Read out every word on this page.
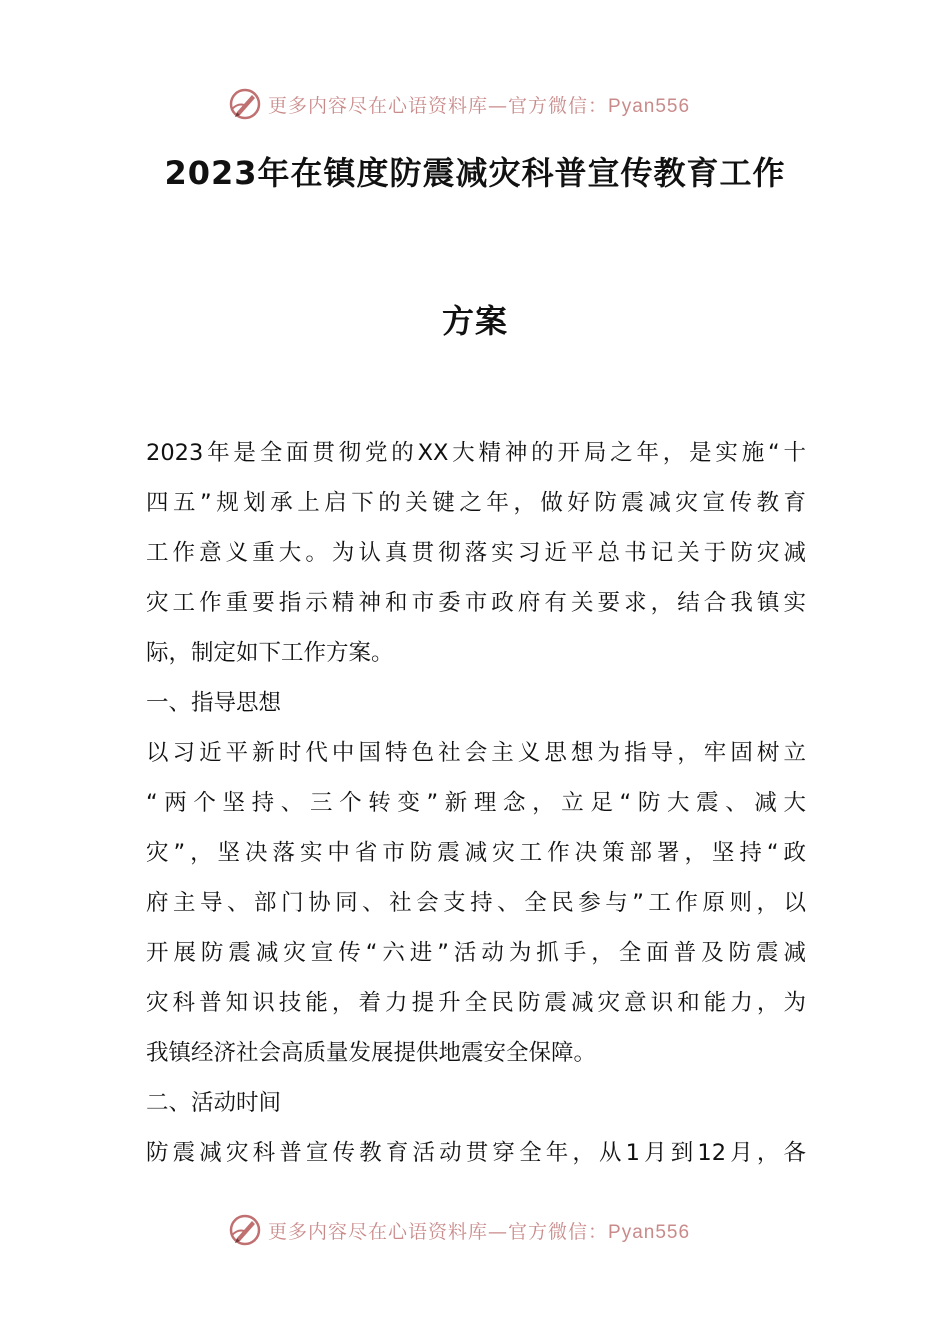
更多内容尽在心语资料库—官方微信：Pyan556
2023年在镇度防震减灾科普宣传教育工作
方案
2023年是全面贯彻党的XX大精神的开局之年，是实施“十
四五”规划承上启下的关键之年，做好防震减灾宣传教育
工作意义重大。为认真贯彻落实习近平总书记关于防灾减
灾工作重要指示精神和市委市政府有关要求，结合我镇实
际，制定如下工作方案。
一、指导思想
以习近平新时代中国特色社会主义思想为指导，牢固树立
“两个坚持、三个转变”新理念，立足“防大震、减大
灾”，坚决落实中省市防震减灾工作决策部署，坚持“政
府主导、部门协同、社会支持、全民参与”工作原则，以
开展防震减灾宣传“六进”活动为抓手，全面普及防震减
灾科普知识技能，着力提升全民防震减灾意识和能力，为
我镇经济社会高质量发展提供地震安全保障。
二、活动时间
防震减灾科普宣传教育活动贯穿全年，从1月到12月，各
更多内容尽在心语资料库—官方微信：Pyan556
